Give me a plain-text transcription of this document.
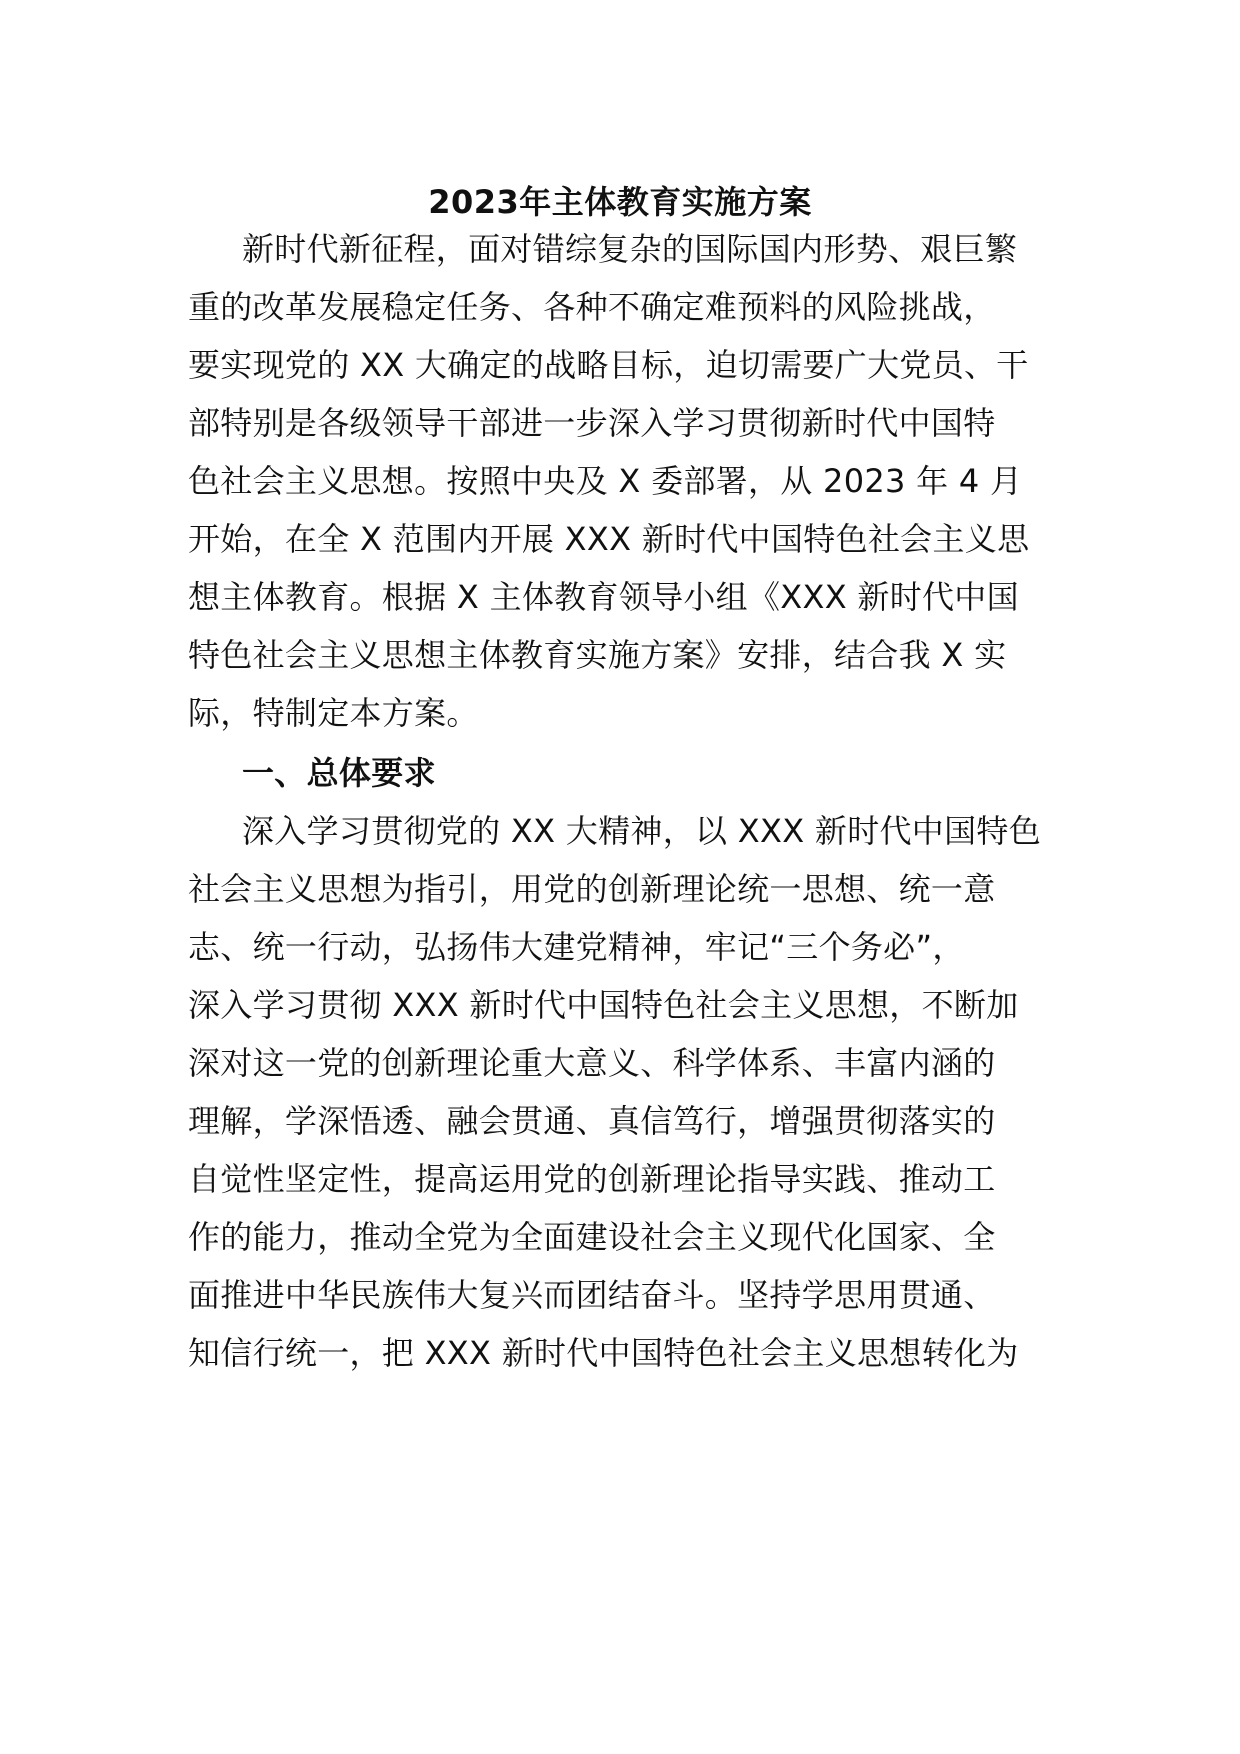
2023年主体教育实施方案
新时代新征程，面对错综复杂的国际国内形势、艰巨繁
重的改革发展稳定任务、各种不确定难预料的风险挑战，
要实现党的 XX 大确定的战略目标，迫切需要广大党员、干
部特别是各级领导干部进一步深入学习贯彻新时代中国特
色社会主义思想。按照中央及 X 委部署，从 2023 年 4 月
开始，在全 X 范围内开展 XXX 新时代中国特色社会主义思
想主体教育。根据 X 主体教育领导小组《XXX 新时代中国
特色社会主义思想主体教育实施方案》安排，结合我 X 实
际，特制定本方案。
一、总体要求
深入学习贯彻党的 XX 大精神，以 XXX 新时代中国特色
社会主义思想为指引，用党的创新理论统一思想、统一意
志、统一行动，弘扬伟大建党精神，牢记“三个务必”，
深入学习贯彻 XXX 新时代中国特色社会主义思想，不断加
深对这一党的创新理论重大意义、科学体系、丰富内涵的
理解，学深悟透、融会贯通、真信笃行，增强贯彻落实的
自觉性坚定性，提高运用党的创新理论指导实践、推动工
作的能力，推动全党为全面建设社会主义现代化国家、全
面推进中华民族伟大复兴而团结奋斗。坚持学思用贯通、
知信行统一，把 XXX 新时代中国特色社会主义思想转化为
